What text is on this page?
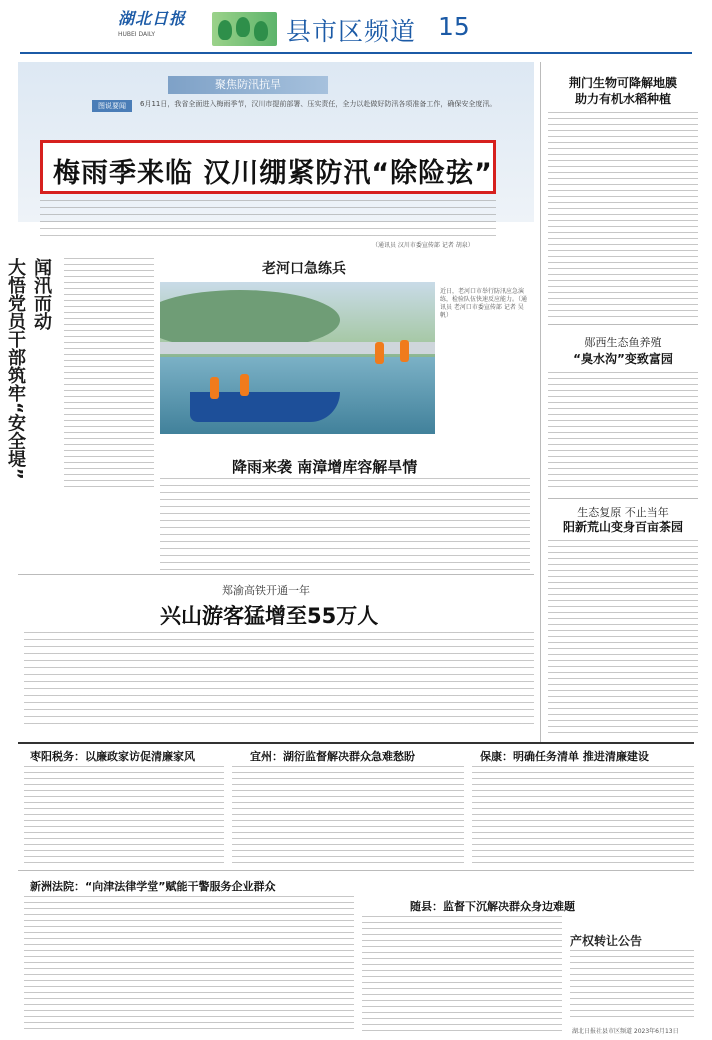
湖北日报
HUBEI DAILY	县市区频道 15
聚焦防汛抗旱
图说要闻	6月11日，我省全面进入梅雨季节，汉川市提前部署、压实责任，全力以赴做好防汛各项准备工作，确保安全度汛。
梅雨季来临 汉川绷紧防汛“除险弦”
（通讯员 汉川市委宣传部 记者 胡泉）
闻汛而动
大悟党员干部筑牢“安全堤”	老河口急练兵
近日，老河口市举行防汛应急演练，检验队伍快速反应能力。（通讯员 老河口市委宣传部 记者 吴帆）
降雨来袭 南漳增库容解旱情
郑渝高铁开通一年
兴山游客猛增至55万人
荆门生物可降解地膜
助力有机水稻种植
郧西生态鱼养殖
“臭水沟”变致富园
生态复原 不止当年
阳新荒山变身百亩茶园
枣阳税务：以廉政家访促清廉家风	宜州：湖衍监督解决群众急难愁盼	保康：明确任务清单 推进清廉建设
新洲法院：“向津法律学堂”赋能干警服务企业群众
随县：监督下沉解决群众身边难题
产权转让公告
湖北日报社县市区频道 2023年6月13日
